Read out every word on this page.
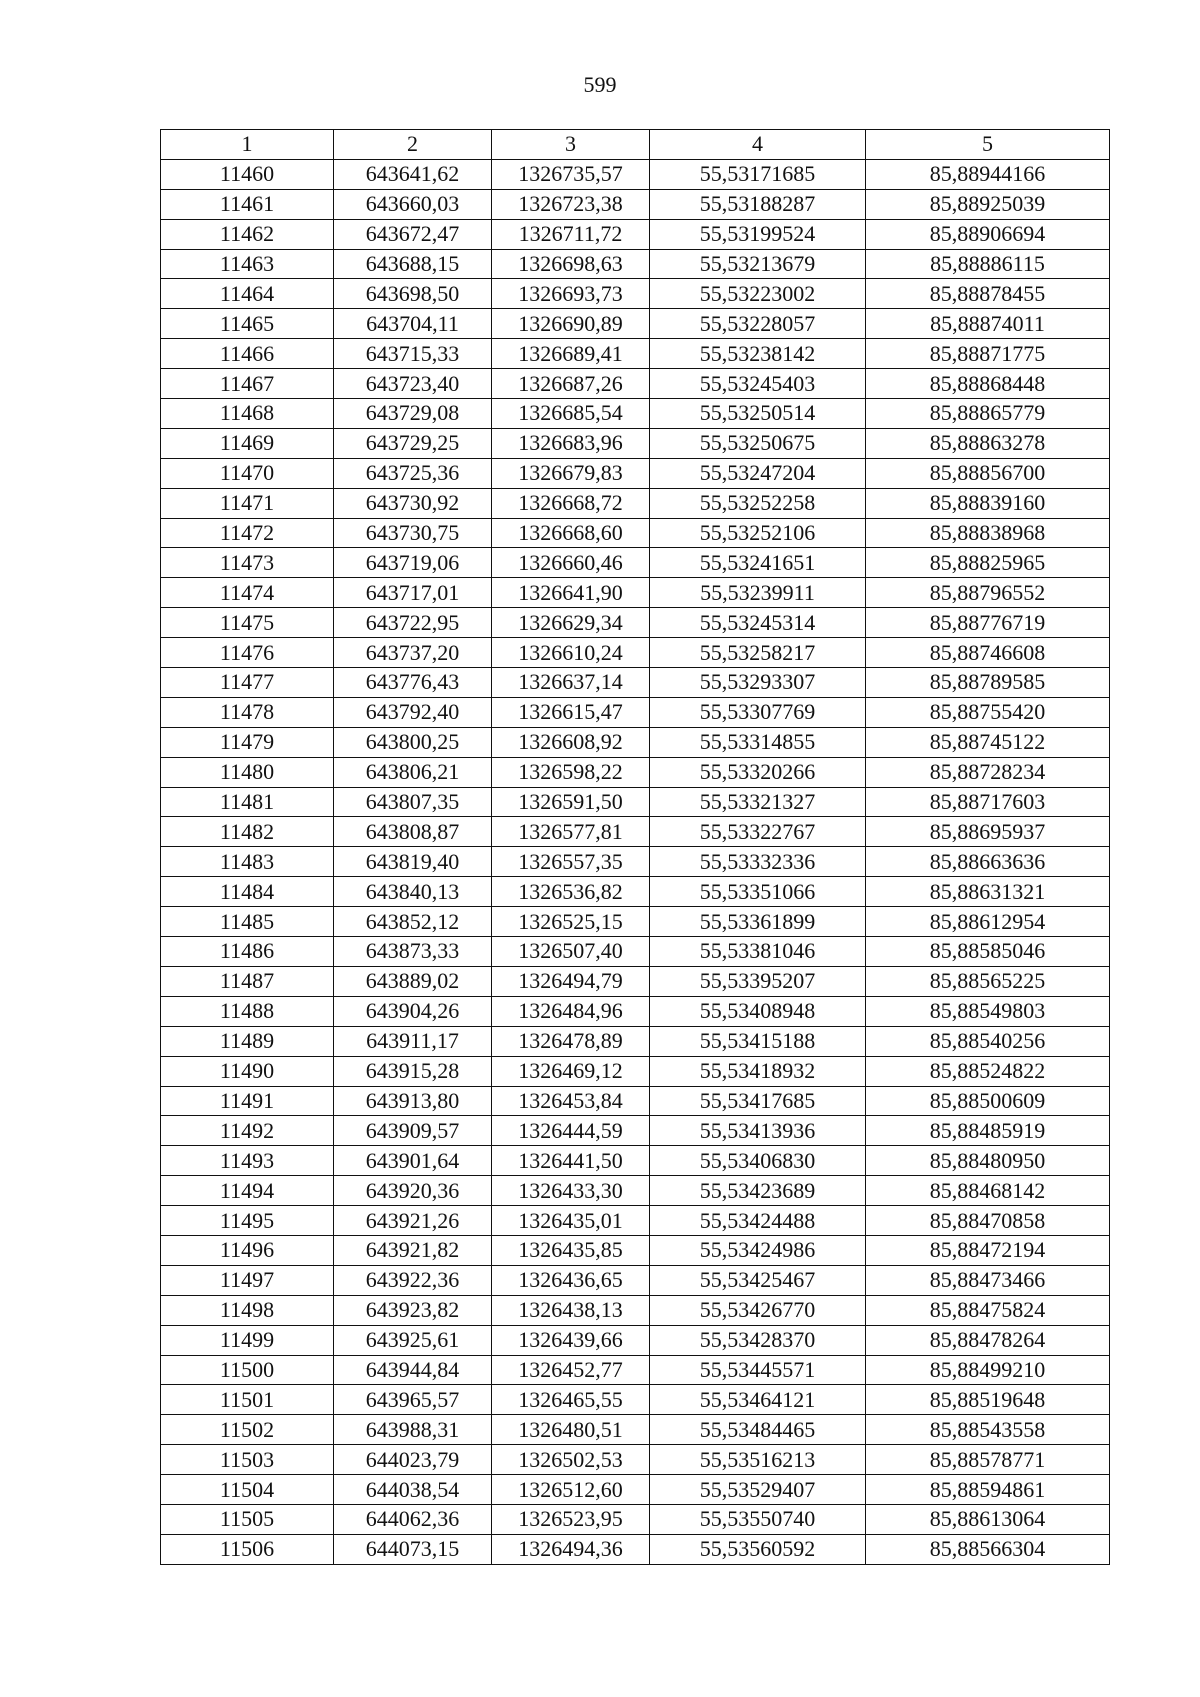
599
1	2	3	4	5
11460	643641,62	1326735,57	55,53171685	85,88944166
11461	643660,03	1326723,38	55,53188287	85,88925039
11462	643672,47	1326711,72	55,53199524	85,88906694
11463	643688,15	1326698,63	55,53213679	85,88886115
11464	643698,50	1326693,73	55,53223002	85,88878455
11465	643704,11	1326690,89	55,53228057	85,88874011
11466	643715,33	1326689,41	55,53238142	85,88871775
11467	643723,40	1326687,26	55,53245403	85,88868448
11468	643729,08	1326685,54	55,53250514	85,88865779
11469	643729,25	1326683,96	55,53250675	85,88863278
11470	643725,36	1326679,83	55,53247204	85,88856700
11471	643730,92	1326668,72	55,53252258	85,88839160
11472	643730,75	1326668,60	55,53252106	85,88838968
11473	643719,06	1326660,46	55,53241651	85,88825965
11474	643717,01	1326641,90	55,53239911	85,88796552
11475	643722,95	1326629,34	55,53245314	85,88776719
11476	643737,20	1326610,24	55,53258217	85,88746608
11477	643776,43	1326637,14	55,53293307	85,88789585
11478	643792,40	1326615,47	55,53307769	85,88755420
11479	643800,25	1326608,92	55,53314855	85,88745122
11480	643806,21	1326598,22	55,53320266	85,88728234
11481	643807,35	1326591,50	55,53321327	85,88717603
11482	643808,87	1326577,81	55,53322767	85,88695937
11483	643819,40	1326557,35	55,53332336	85,88663636
11484	643840,13	1326536,82	55,53351066	85,88631321
11485	643852,12	1326525,15	55,53361899	85,88612954
11486	643873,33	1326507,40	55,53381046	85,88585046
11487	643889,02	1326494,79	55,53395207	85,88565225
11488	643904,26	1326484,96	55,53408948	85,88549803
11489	643911,17	1326478,89	55,53415188	85,88540256
11490	643915,28	1326469,12	55,53418932	85,88524822
11491	643913,80	1326453,84	55,53417685	85,88500609
11492	643909,57	1326444,59	55,53413936	85,88485919
11493	643901,64	1326441,50	55,53406830	85,88480950
11494	643920,36	1326433,30	55,53423689	85,88468142
11495	643921,26	1326435,01	55,53424488	85,88470858
11496	643921,82	1326435,85	55,53424986	85,88472194
11497	643922,36	1326436,65	55,53425467	85,88473466
11498	643923,82	1326438,13	55,53426770	85,88475824
11499	643925,61	1326439,66	55,53428370	85,88478264
11500	643944,84	1326452,77	55,53445571	85,88499210
11501	643965,57	1326465,55	55,53464121	85,88519648
11502	643988,31	1326480,51	55,53484465	85,88543558
11503	644023,79	1326502,53	55,53516213	85,88578771
11504	644038,54	1326512,60	55,53529407	85,88594861
11505	644062,36	1326523,95	55,53550740	85,88613064
11506	644073,15	1326494,36	55,53560592	85,88566304
